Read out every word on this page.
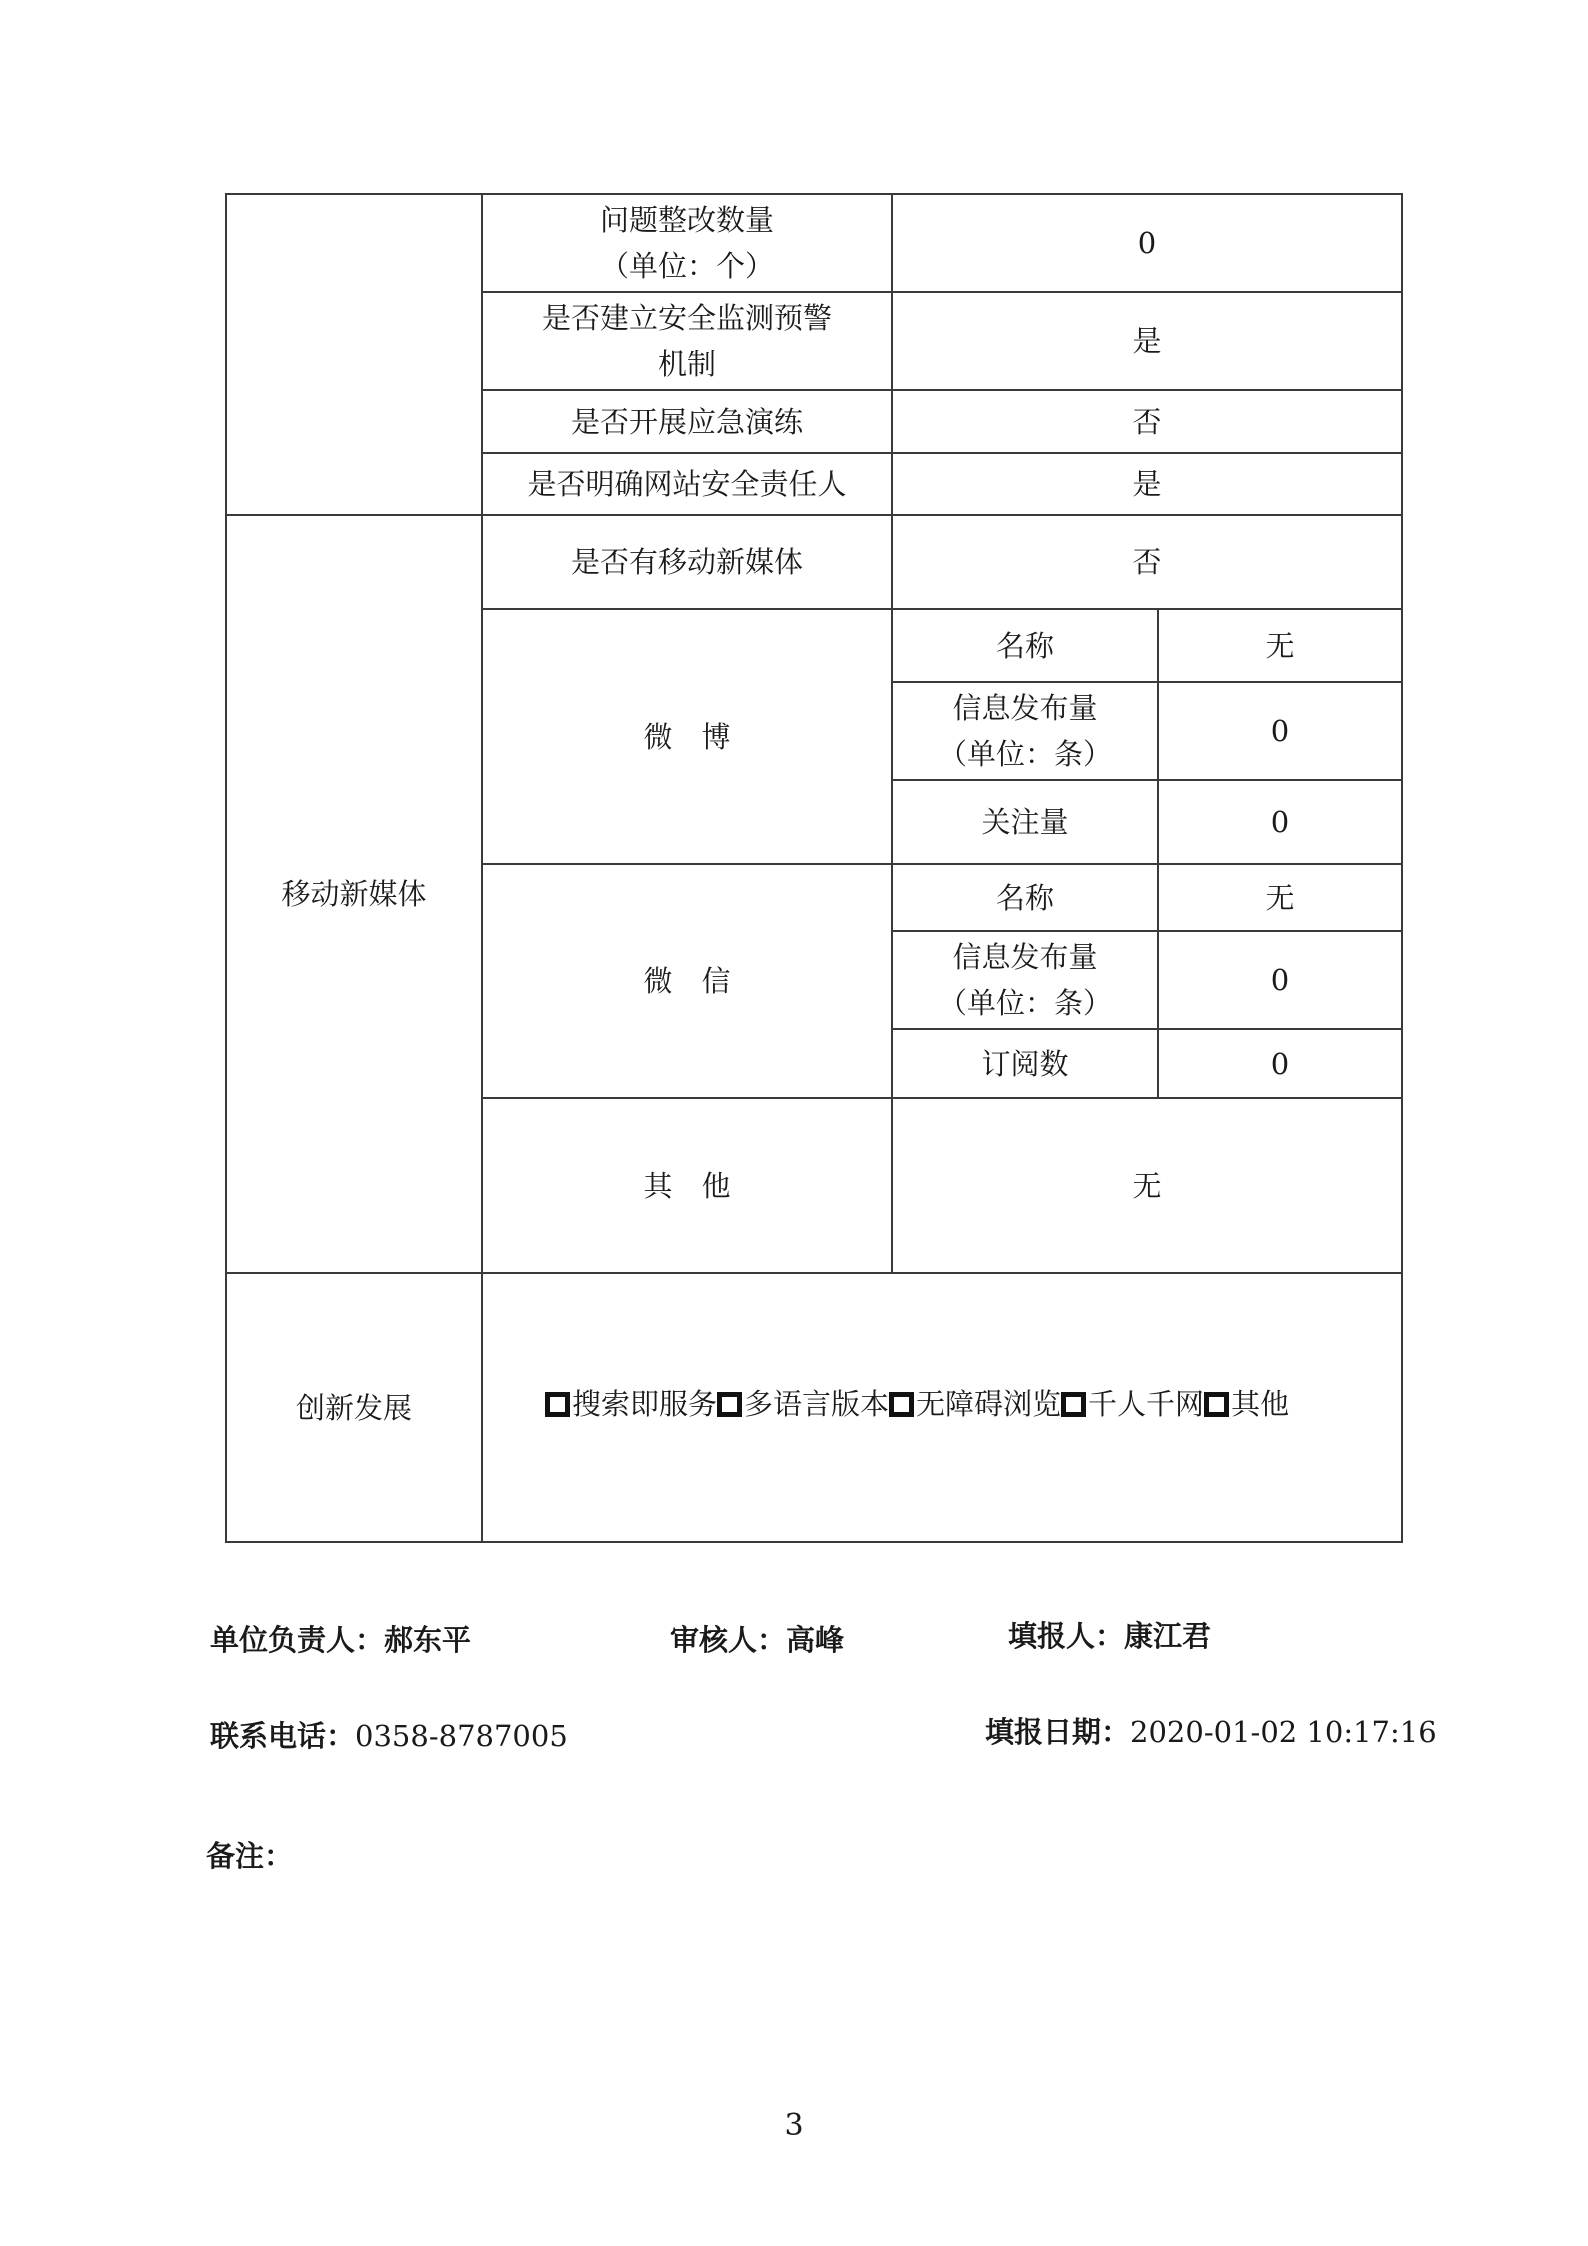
	问题整改数量
（单位：个）	0	
	是否建立安全监测预警
机制	是	
	是否开展应急演练	否	
	是否明确网站安全责任人	是	
移动新媒体	是否有移动新媒体	否	
	微　博	名称	无
		信息发布量
（单位：条）	0
		关注量	0
	微　信	名称	无
		信息发布量
（单位：条）	0
		订阅数	0
	其　他	无	
创新发展	搜索即服务 多语言版本 无障碍浏览 千人千网 其他		
单位负责人：郝东平	审核人：高峰	填报人：康江君
联系电话：0358-8787005	填报日期：2020-01-02 10:17:16
备注：
3
